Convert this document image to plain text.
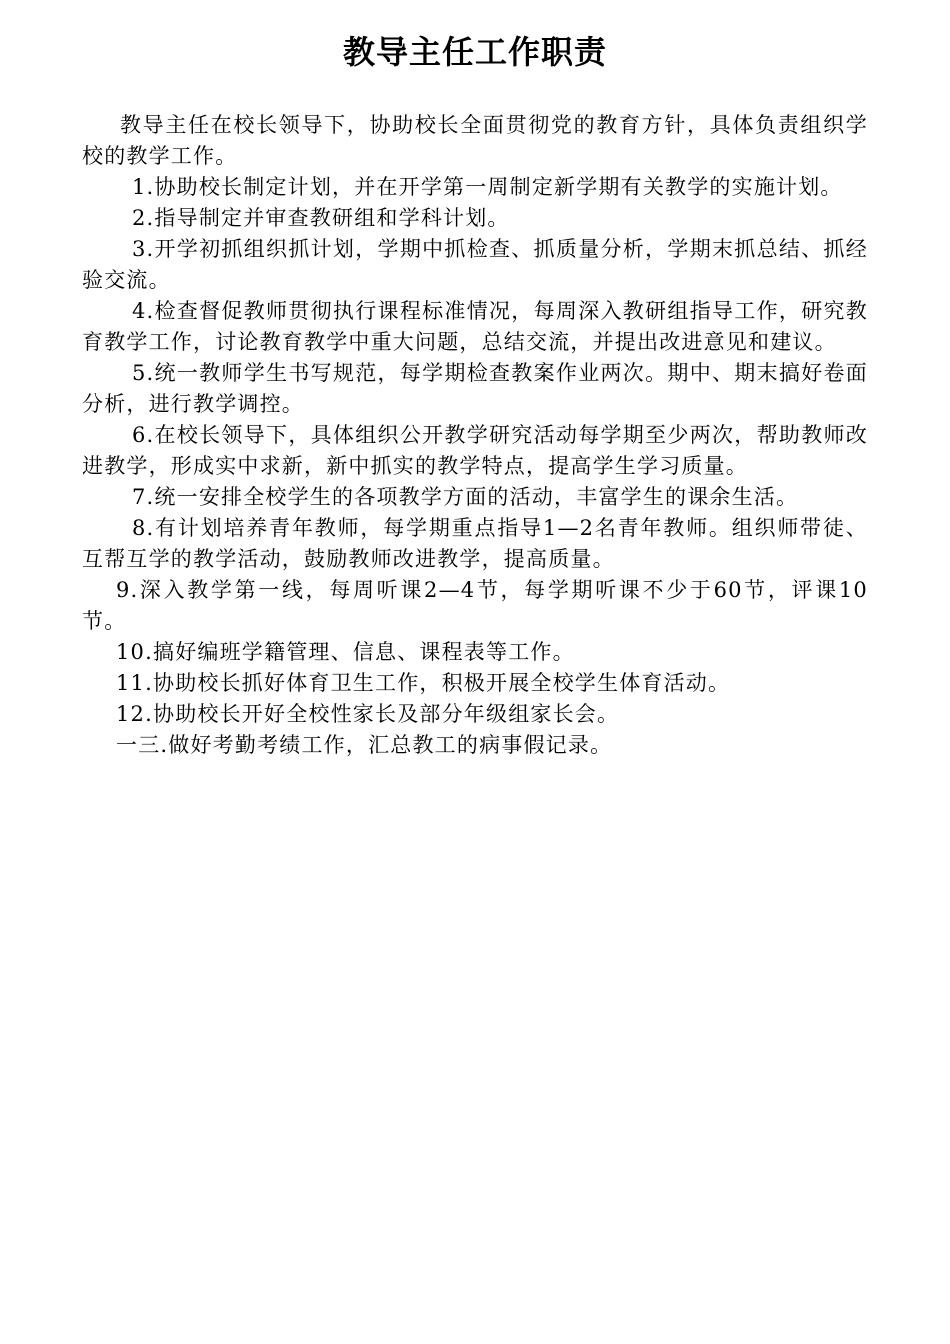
教导主任工作职责

教导主任在校长领导下，协助校长全面贯彻党的教育方针，具体负责组织学校的教学工作。

1.协助校长制定计划，并在开学第一周制定新学期有关教学的实施计划。

2.指导制定并审查教研组和学科计划。

3.开学初抓组织抓计划，学期中抓检查、抓质量分析，学期末抓总结、抓经验交流。

4.检查督促教师贯彻执行课程标准情况，每周深入教研组指导工作，研究教育教学工作，讨论教育教学中重大问题，总结交流，并提出改进意见和建议。

5.统一教师学生书写规范，每学期检查教案作业两次。期中、期末搞好卷面分析，进行教学调控。

6.在校长领导下，具体组织公开教学研究活动每学期至少两次，帮助教师改进教学，形成实中求新，新中抓实的教学特点，提高学生学习质量。

7.统一安排全校学生的各项教学方面的活动，丰富学生的课余生活。

8.有计划培养青年教师，每学期重点指导1—2名青年教师。组织师带徒、互帮互学的教学活动，鼓励教师改进教学，提高质量。

9.深入教学第一线，每周听课2—4节，每学期听课不少于60节，评课10节。

10.搞好编班学籍管理、信息、课程表等工作。

11.协助校长抓好体育卫生工作，积极开展全校学生体育活动。

12.协助校长开好全校性家长及部分年级组家长会。

一三.做好考勤考绩工作，汇总教工的病事假记录。
